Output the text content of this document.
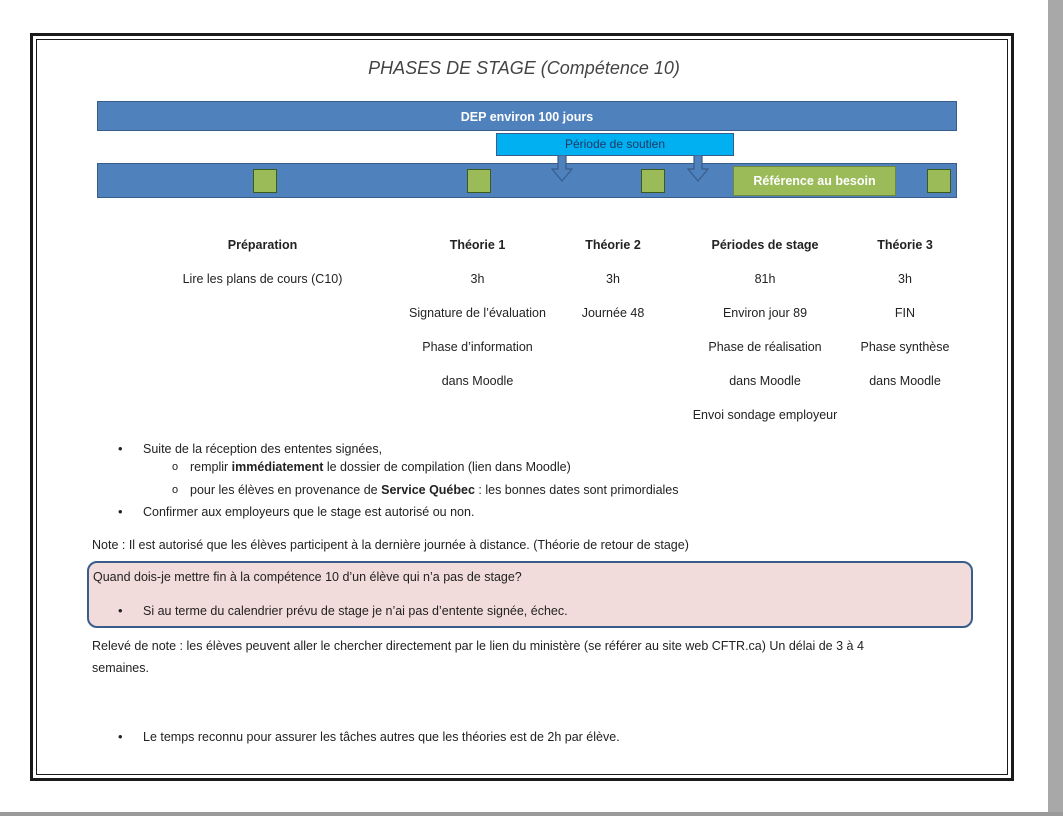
PHASES DE STAGE (Compétence 10)
DEP environ 100 jours
Période de soutien
Référence au besoin
Préparation
Lire les plans de cours (C10)
Théorie 1
3h
Signature de l’évaluation
Phase d’information
dans Moodle
Théorie 2
3h
Journée 48
Périodes de stage
81h
Environ jour 89
Phase de réalisation
dans Moodle
Envoi sondage employeur
Théorie 3
3h
FIN
Phase synthèse
dans Moodle
• Suite de la réception des ententes signées,
o remplir immédiatement le dossier de compilation (lien dans Moodle)
o pour les élèves en provenance de Service Québec : les bonnes dates sont primordiales
• Confirmer aux employeurs que le stage est autorisé ou non.
Note : Il est autorisé que les élèves participent à la dernière journée à distance. (Théorie de retour de stage)
Quand dois-je mettre fin à la compétence 10 d’un élève qui n’a pas de stage?
• Si au terme du calendrier prévu de stage je n’ai pas d’entente signée, échec.
Relevé de note : les élèves peuvent aller le chercher directement par le lien du ministère (se référer au site web CFTR.ca) Un délai de 3 à 4
semaines.
• Le temps reconnu pour assurer les tâches autres que les théories est de 2h par élève.
